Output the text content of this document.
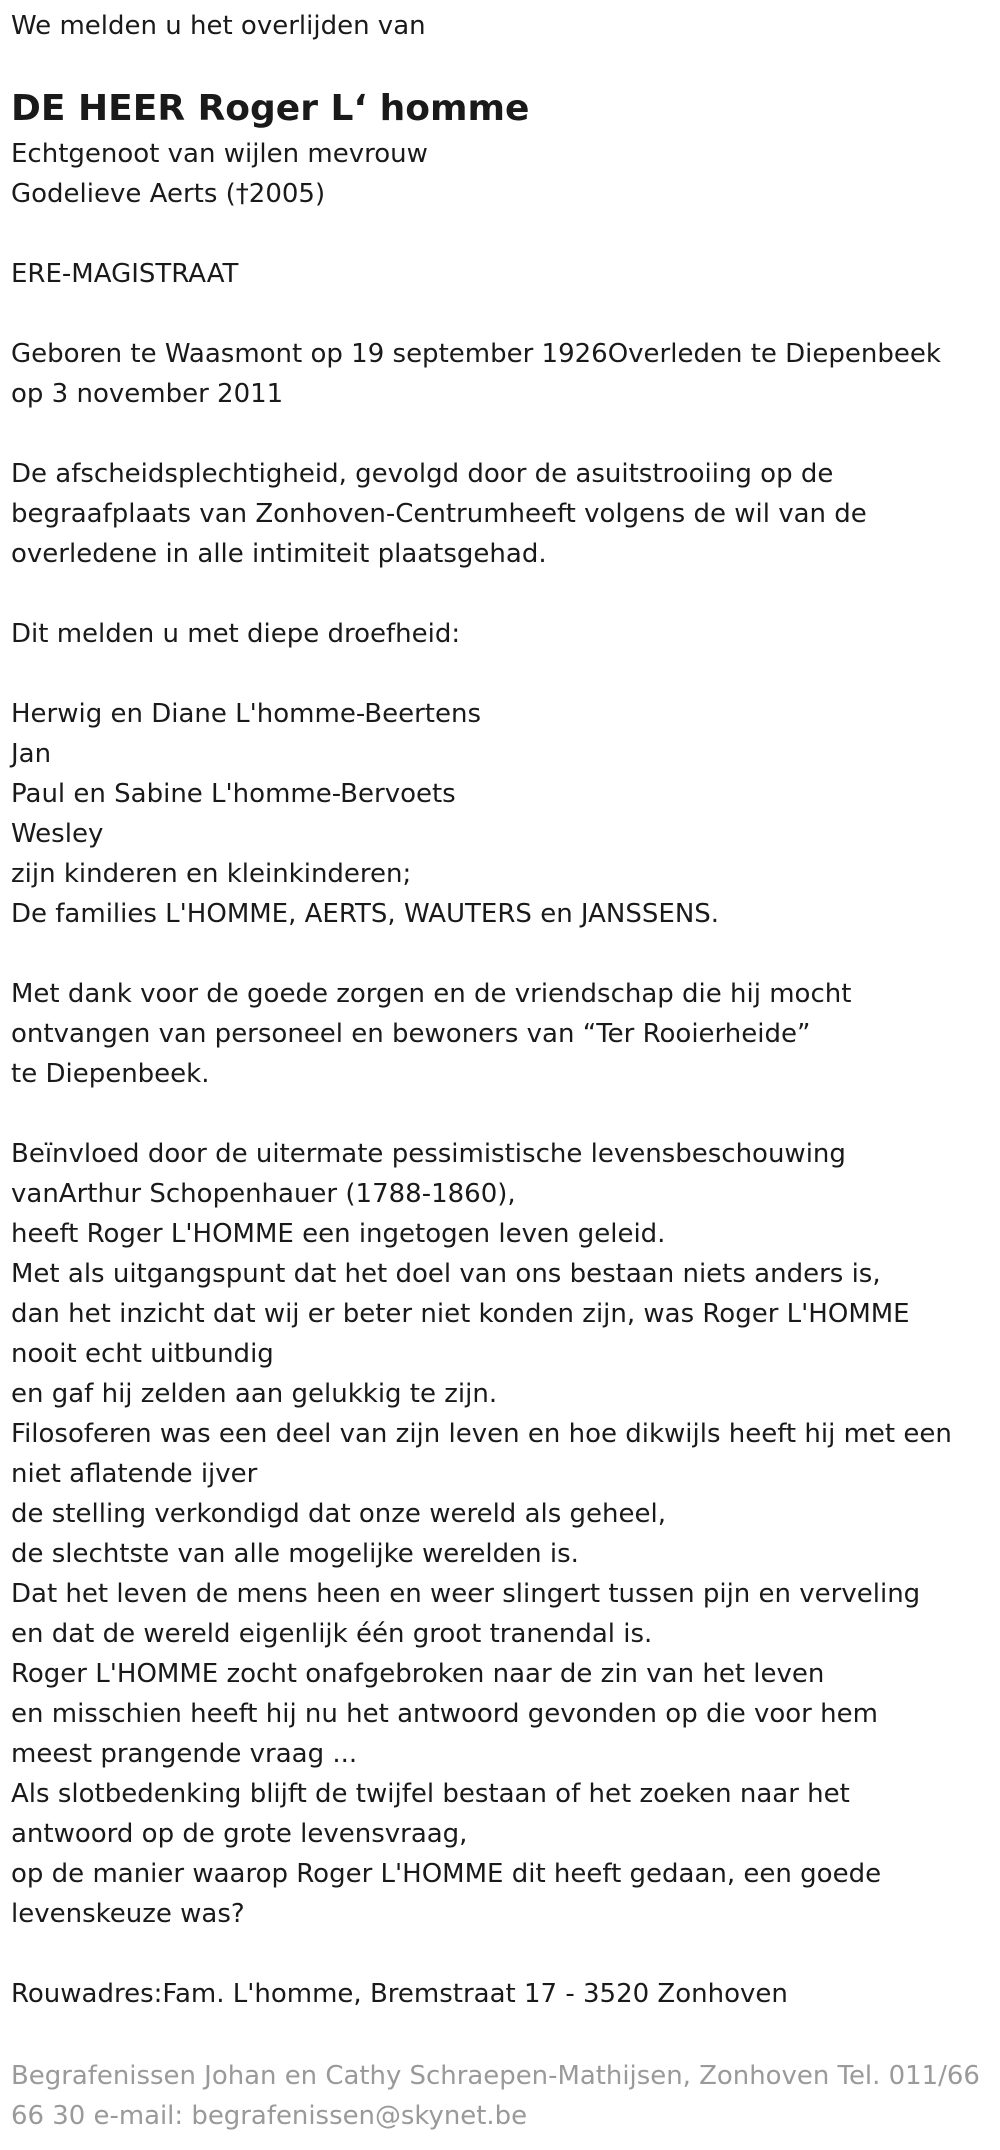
We melden u het overlijden van

DE HEER Roger L‘ homme
Echtgenoot van wijlen mevrouw
Godelieve Aerts (†2005)
ERE-MAGISTRAAT
Geboren te Waasmont op 19 september 1926Overleden te Diepenbeek
op 3 november 2011
De afscheidsplechtigheid, gevolgd door de asuitstrooiing op de
begraafplaats van Zonhoven-Centrumheeft volgens de wil van de
overledene in alle intimiteit plaatsgehad.
Dit melden u met diepe droefheid:
Herwig en Diane L'homme-Beertens
Jan
Paul en Sabine L'homme-Bervoets
Wesley
zijn kinderen en kleinkinderen;
De families L'HOMME, AERTS, WAUTERS en JANSSENS.
Met dank voor de goede zorgen en de vriendschap die hij mocht
ontvangen van personeel en bewoners van “Ter Rooierheide”
te Diepenbeek.
Beïnvloed door de uitermate pessimistische levensbeschouwing
vanArthur Schopenhauer (1788-1860),
heeft Roger L'HOMME een ingetogen leven geleid.
Met als uitgangspunt dat het doel van ons bestaan niets anders is,
dan het inzicht dat wij er beter niet konden zijn, was Roger L'HOMME
nooit echt uitbundig
en gaf hij zelden aan gelukkig te zijn.
Filosoferen was een deel van zijn leven en hoe dikwijls heeft hij met een
niet aflatende ijver
de stelling verkondigd dat onze wereld als geheel,
de slechtste van alle mogelijke werelden is.
Dat het leven de mens heen en weer slingert tussen pijn en verveling
en dat de wereld eigenlijk één groot tranendal is.
Roger L'HOMME zocht onafgebroken naar de zin van het leven
en misschien heeft hij nu het antwoord gevonden op die voor hem
meest prangende vraag ...
Als slotbedenking blijft de twijfel bestaan of het zoeken naar het
antwoord op de grote levensvraag,
op de manier waarop Roger L'HOMME dit heeft gedaan, een goede
levenskeuze was?
Rouwadres:Fam. L'homme, Bremstraat 17 - 3520 Zonhoven
Begrafenissen Johan en Cathy Schraepen-Mathijsen, Zonhoven Tel. 011/66
66 30 e-mail: begrafenissen@skynet.be
